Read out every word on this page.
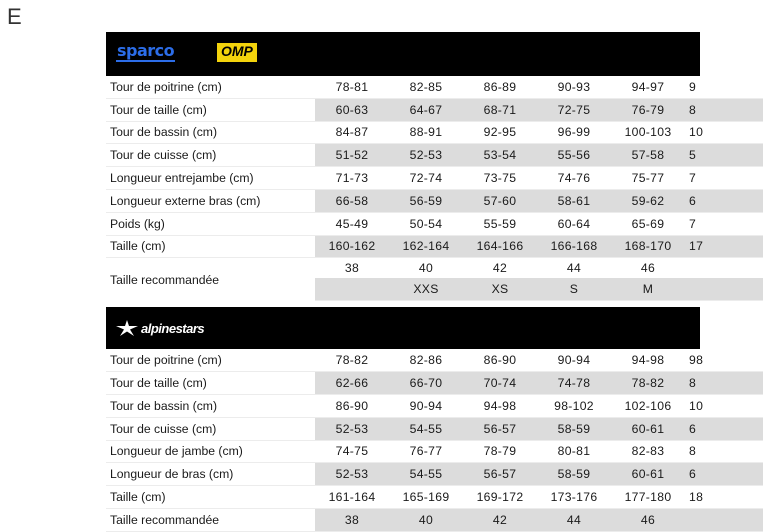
E
sparco	OMP
Tour de poitrine (cm)	78-81	82-85	86-89	90-93	94-97	9
Tour de taille (cm)	60-63	64-67	68-71	72-75	76-79	8
Tour de bassin (cm)	84-87	88-91	92-95	96-99	100-103	10
Tour de cuisse (cm)	51-52	52-53	53-54	55-56	57-58	5
Longueur entrejambe (cm)	71-73	72-74	73-75	74-76	75-77	7
Longueur externe bras (cm)	66-58	56-59	57-60	58-61	59-62	6
Poids (kg)	45-49	50-54	55-59	60-64	65-69	7
Taille (cm)	160-162	162-164	164-166	166-168	168-170	17
Taille recommandée	38	40	42	44	46	
		XXS	XS	S	M	
alpinestars
Tour de poitrine (cm)	78-82	82-86	86-90	90-94	94-98	98
Tour de taille (cm)	62-66	66-70	70-74	74-78	78-82	8
Tour de bassin (cm)	86-90	90-94	94-98	98-102	102-106	10
Tour de cuisse (cm)	52-53	54-55	56-57	58-59	60-61	6
Longueur de jambe (cm)	74-75	76-77	78-79	80-81	82-83	8
Longueur de bras (cm)	52-53	54-55	56-57	58-59	60-61	6
Taille (cm)	161-164	165-169	169-172	173-176	177-180	18
Taille recommandée	38	40	42	44	46	
